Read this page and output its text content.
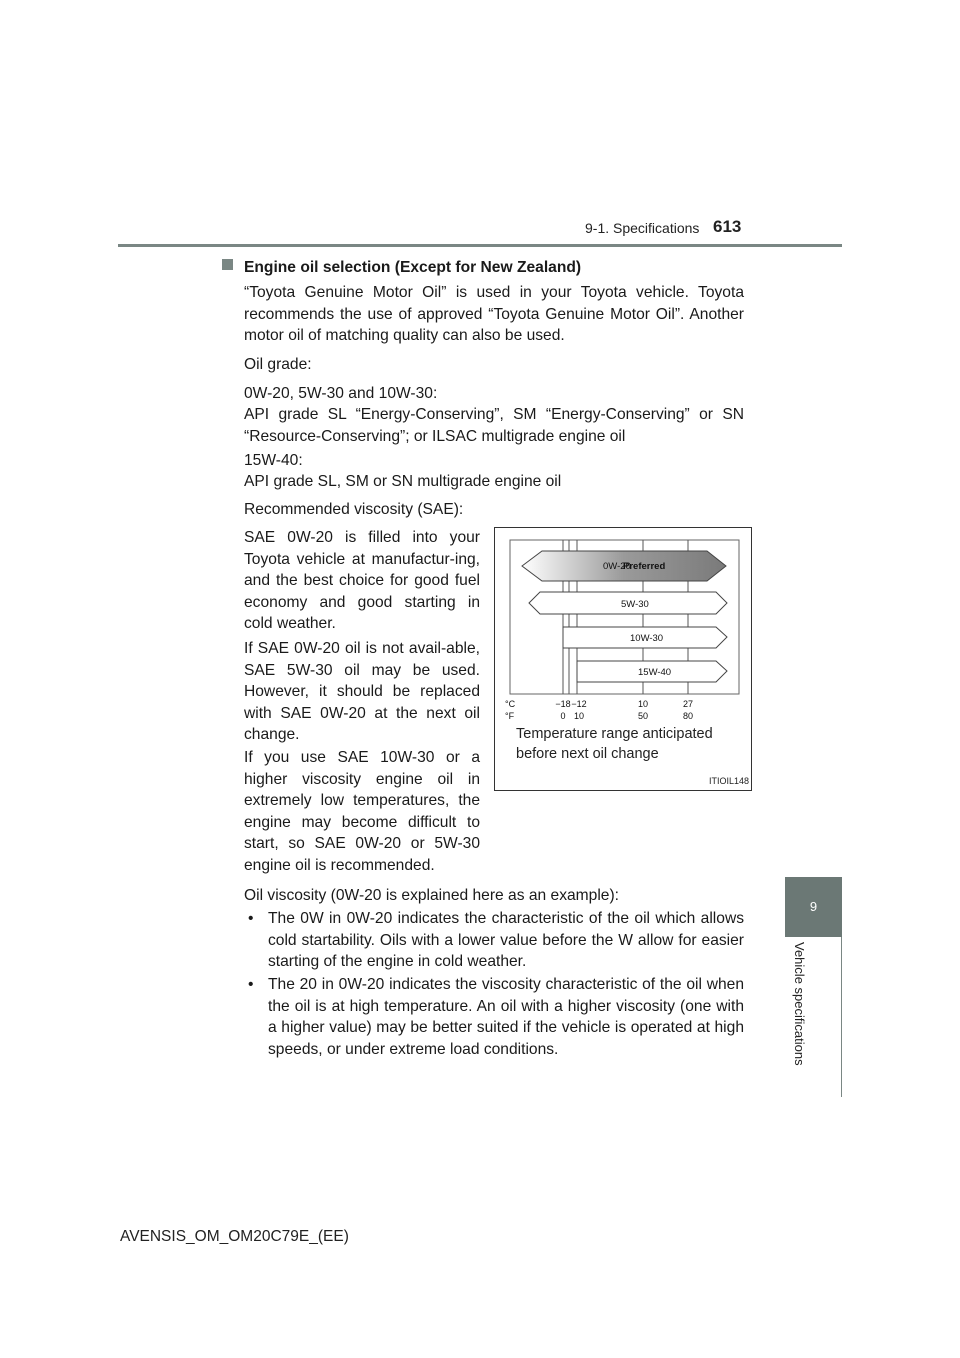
9-1. Specifications 613
9
Vehicle specifications
Engine oil selection (Except for New Zealand)
“Toyota Genuine Motor Oil” is used in your Toyota vehicle. Toyota recommends the use of approved “Toyota Genuine Motor Oil”. Another motor oil of matching quality can also be used.
Oil grade:
0W-20, 5W-30 and 10W-30:
API grade SL “Energy-Conserving”, SM “Energy-Conserving” or SN “Resource-Conserving”; or ILSAC multigrade engine oil
15W-40:
API grade SL, SM or SN multigrade engine oil
Recommended viscosity (SAE):
SAE 0W-20 is filled into your Toyota vehicle at manufactur-ing, and the best choice for good fuel economy and good starting in cold weather.
If SAE 0W-20 oil is not avail-able, SAE 5W-30 oil may be used. However, it should be replaced with SAE 0W-20 at the next oil change.
If you use SAE 10W-30 or a higher viscosity engine oil in extremely low temperatures, the engine may become difficult to start, so SAE 0W-20 or 5W-30 engine oil is recommended.
Oil viscosity (0W-20 is explained here as an example):
• The 0W in 0W-20 indicates the characteristic of the oil which allows cold startability. Oils with a lower value before the W allow for easier starting of the engine in cold weather.
• The 20 in 0W-20 indicates the viscosity characteristic of the oil when the oil is at high temperature. An oil with a higher viscosity (one with a higher value) may be better suited if the vehicle is operated at high speeds, or under extreme load conditions.
0W-20
Preferred
5W-30
10W-30
15W-40
°C
°F
−18 −12	10	27
0 10	50	80
Temperature range anticipated
before next oil change
ITIOIL148
AVENSIS_OM_OM20C79E_(EE)
